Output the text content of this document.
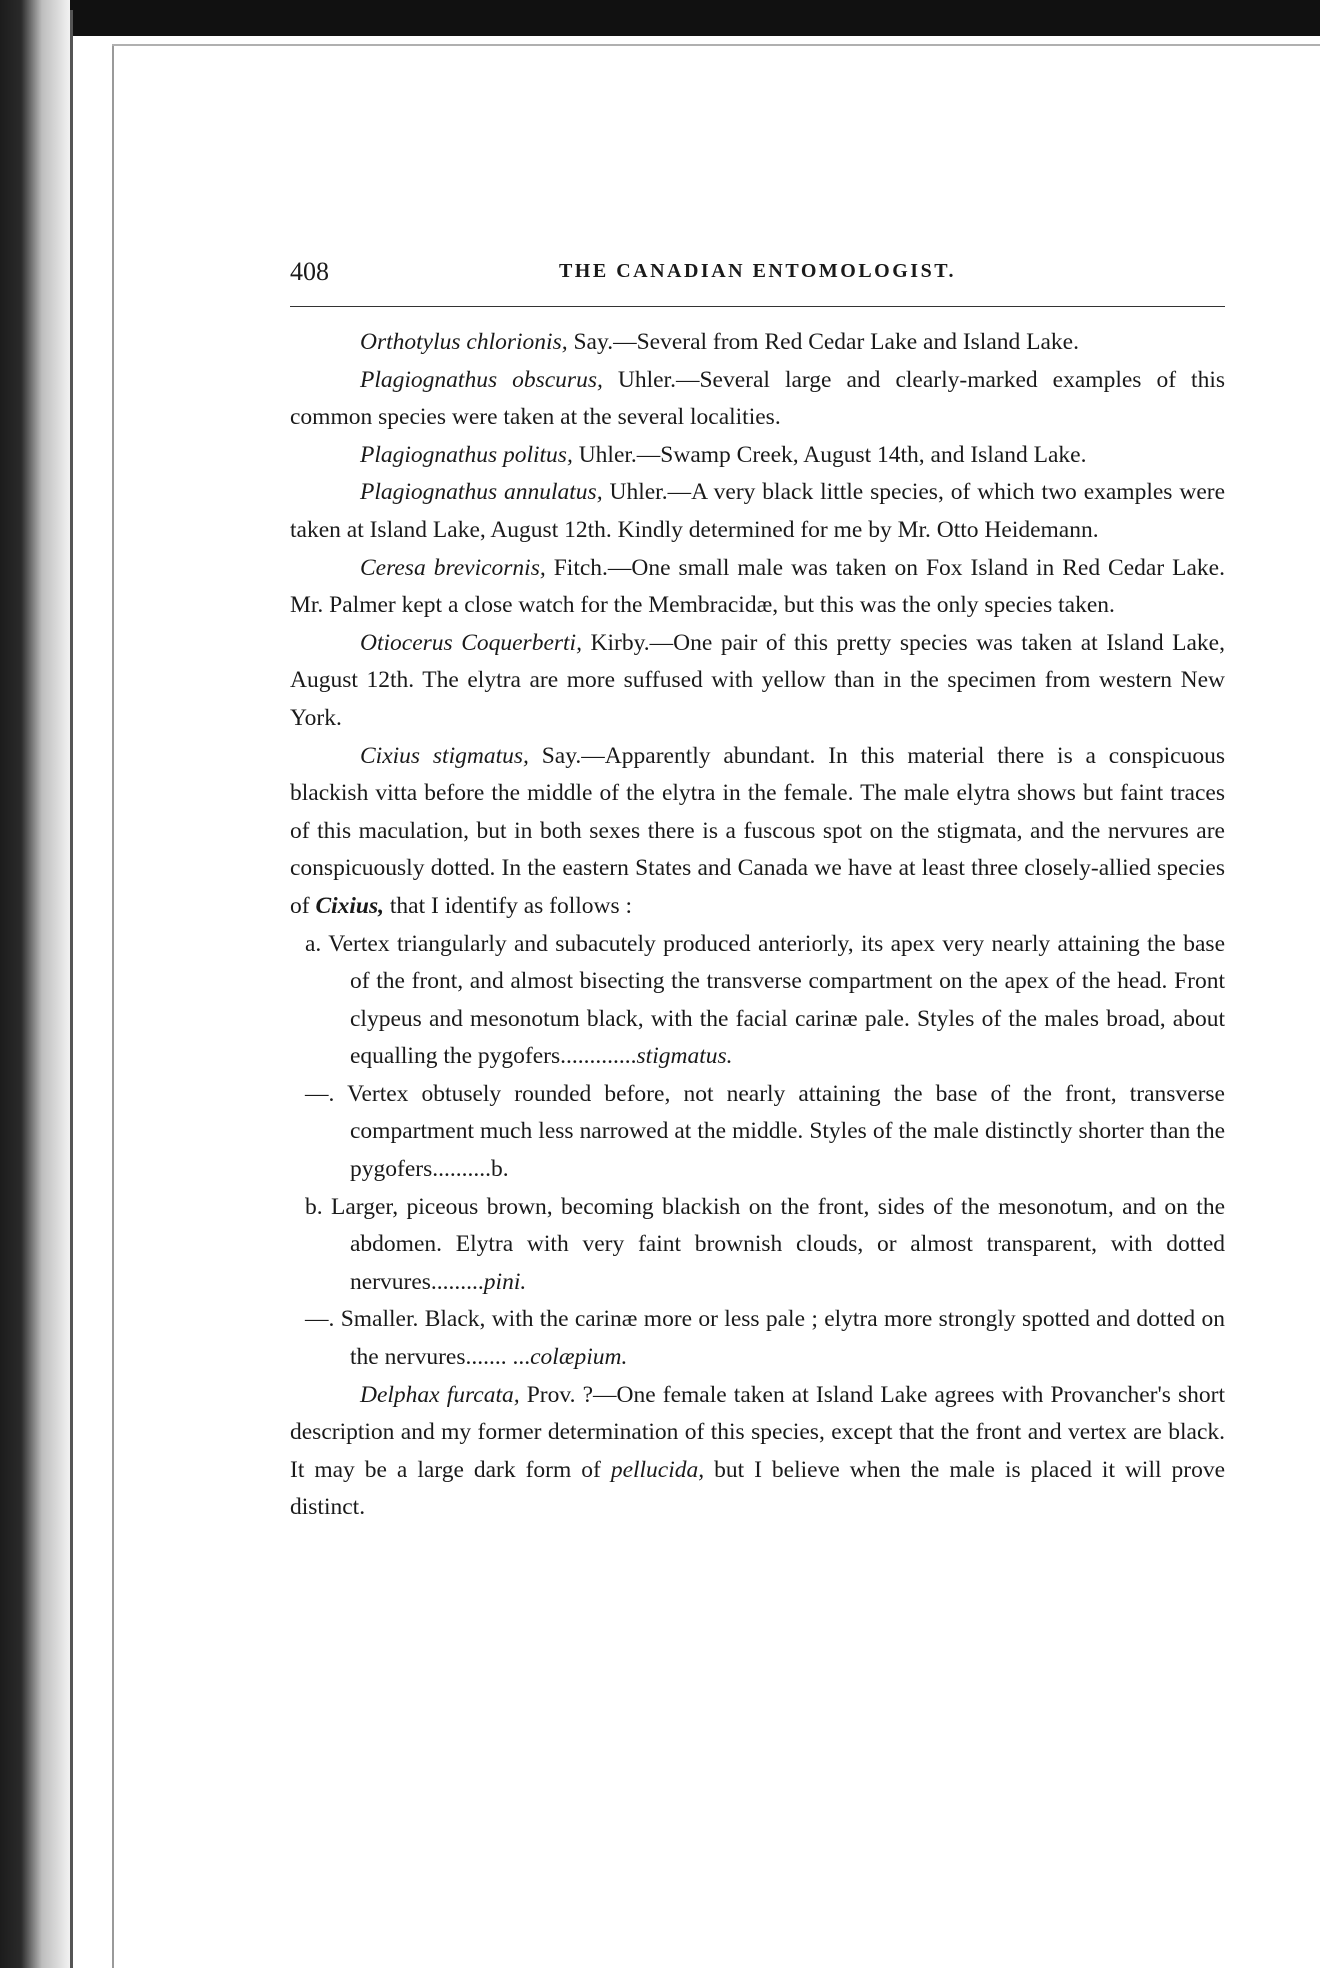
408	THE CANADIAN ENTOMOLOGIST.

Orthotylus chlorionis, Say.—Several from Red Cedar Lake and Island Lake.

Plagiognathus obscurus, Uhler.—Several large and clearly-marked examples of this common species were taken at the several localities.

Plagiognathus politus, Uhler.—Swamp Creek, August 14th, and Island Lake.

Plagiognathus annulatus, Uhler.—A very black little species, of which two examples were taken at Island Lake, August 12th. Kindly determined for me by Mr. Otto Heidemann.

Ceresa brevicornis, Fitch.—One small male was taken on Fox Island in Red Cedar Lake. Mr. Palmer kept a close watch for the Membracidæ, but this was the only species taken.

Otiocerus Coquerberti, Kirby.—One pair of this pretty species was taken at Island Lake, August 12th. The elytra are more suffused with yellow than in the specimen from western New York.

Cixius stigmatus, Say.—Apparently abundant. In this material there is a conspicuous blackish vitta before the middle of the elytra in the female. The male elytra shows but faint traces of this maculation, but in both sexes there is a fuscous spot on the stigmata, and the nervures are conspicuously dotted. In the eastern States and Canada we have at least three closely-allied species of Cixius, that I identify as follows :

a. Vertex triangularly and subacutely produced anteriorly, its apex very nearly attaining the base of the front, and almost bisecting the transverse compartment on the apex of the head. Front clypeus and mesonotum black, with the facial carinæ pale. Styles of the males broad, about equalling the pygofers.............stigmatus.

—. Vertex obtusely rounded before, not nearly attaining the base of the front, transverse compartment much less narrowed at the middle. Styles of the male distinctly shorter than the pygofers..........b.

b. Larger, piceous brown, becoming blackish on the front, sides of the mesonotum, and on the abdomen. Elytra with very faint brownish clouds, or almost transparent, with dotted nervures.........pini.

—. Smaller. Black, with the carinæ more or less pale ; elytra more strongly spotted and dotted on the nervures....... ...colæpium.

Delphax furcata, Prov. ?—One female taken at Island Lake agrees with Provancher's short description and my former determination of this species, except that the front and vertex are black. It may be a large dark form of pellucida, but I believe when the male is placed it will prove distinct.
